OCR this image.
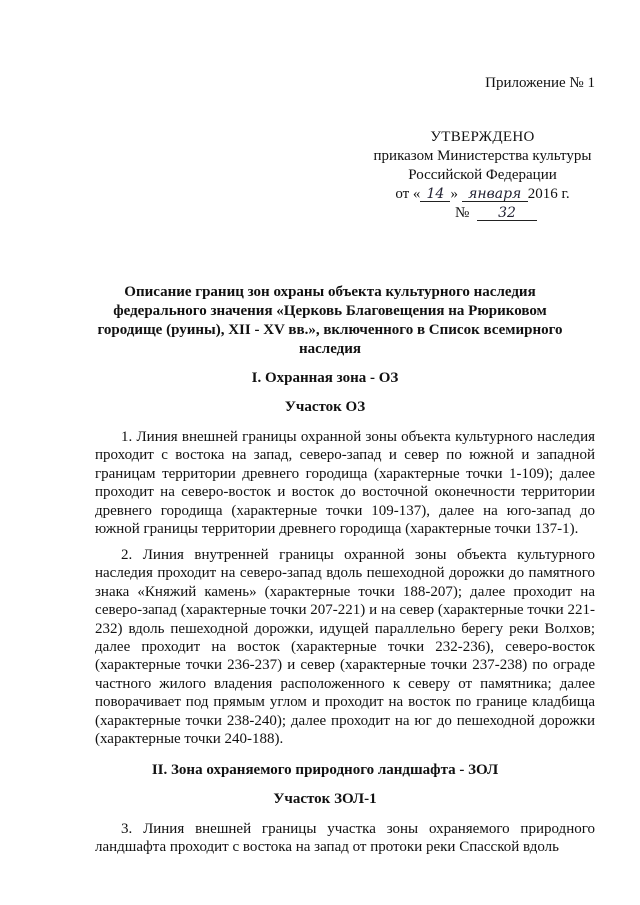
Приложение № 1
УТВЕРЖДЕНО
приказом Министерства культуры
Российской Федерации
от « 14 » января 2016 г.
№ 32
Описание границ зон охраны объекта культурного наследия федерального значения «Церковь Благовещения на Рюриковом городище (руины), XII - XV вв.», включенного в Список всемирного наследия
I. Охранная зона - ОЗ
Участок ОЗ
1. Линия внешней границы охранной зоны объекта культурного наследия проходит с востока на запад, северо-запад и север по южной и западной границам территории древнего городища (характерные точки 1-109); далее проходит на северо-восток и восток до восточной оконечности территории древнего городища (характерные точки 109-137), далее на юго-запад до южной границы территории древнего городища (характерные точки 137-1).
2. Линия внутренней границы охранной зоны объекта культурного наследия проходит на северо-запад вдоль пешеходной дорожки до памятного знака «Княжий камень» (характерные точки 188-207); далее проходит на северо-запад (характерные точки 207-221) и на север (характерные точки 221-232) вдоль пешеходной дорожки, идущей параллельно берегу реки Волхов; далее проходит на восток (характерные точки 232-236), северо-восток (характерные точки 236-237) и север (характерные точки 237-238) по ограде частного жилого владения расположенного к северу от памятника; далее поворачивает под прямым углом и проходит на восток по границе кладбища (характерные точки 238-240); далее проходит на юг до пешеходной дорожки (характерные точки 240-188).
II. Зона охраняемого природного ландшафта - ЗОЛ
Участок ЗОЛ-1
3. Линия внешней границы участка зоны охраняемого природного ландшафта проходит с востока на запад от протоки реки Спасской вдоль
